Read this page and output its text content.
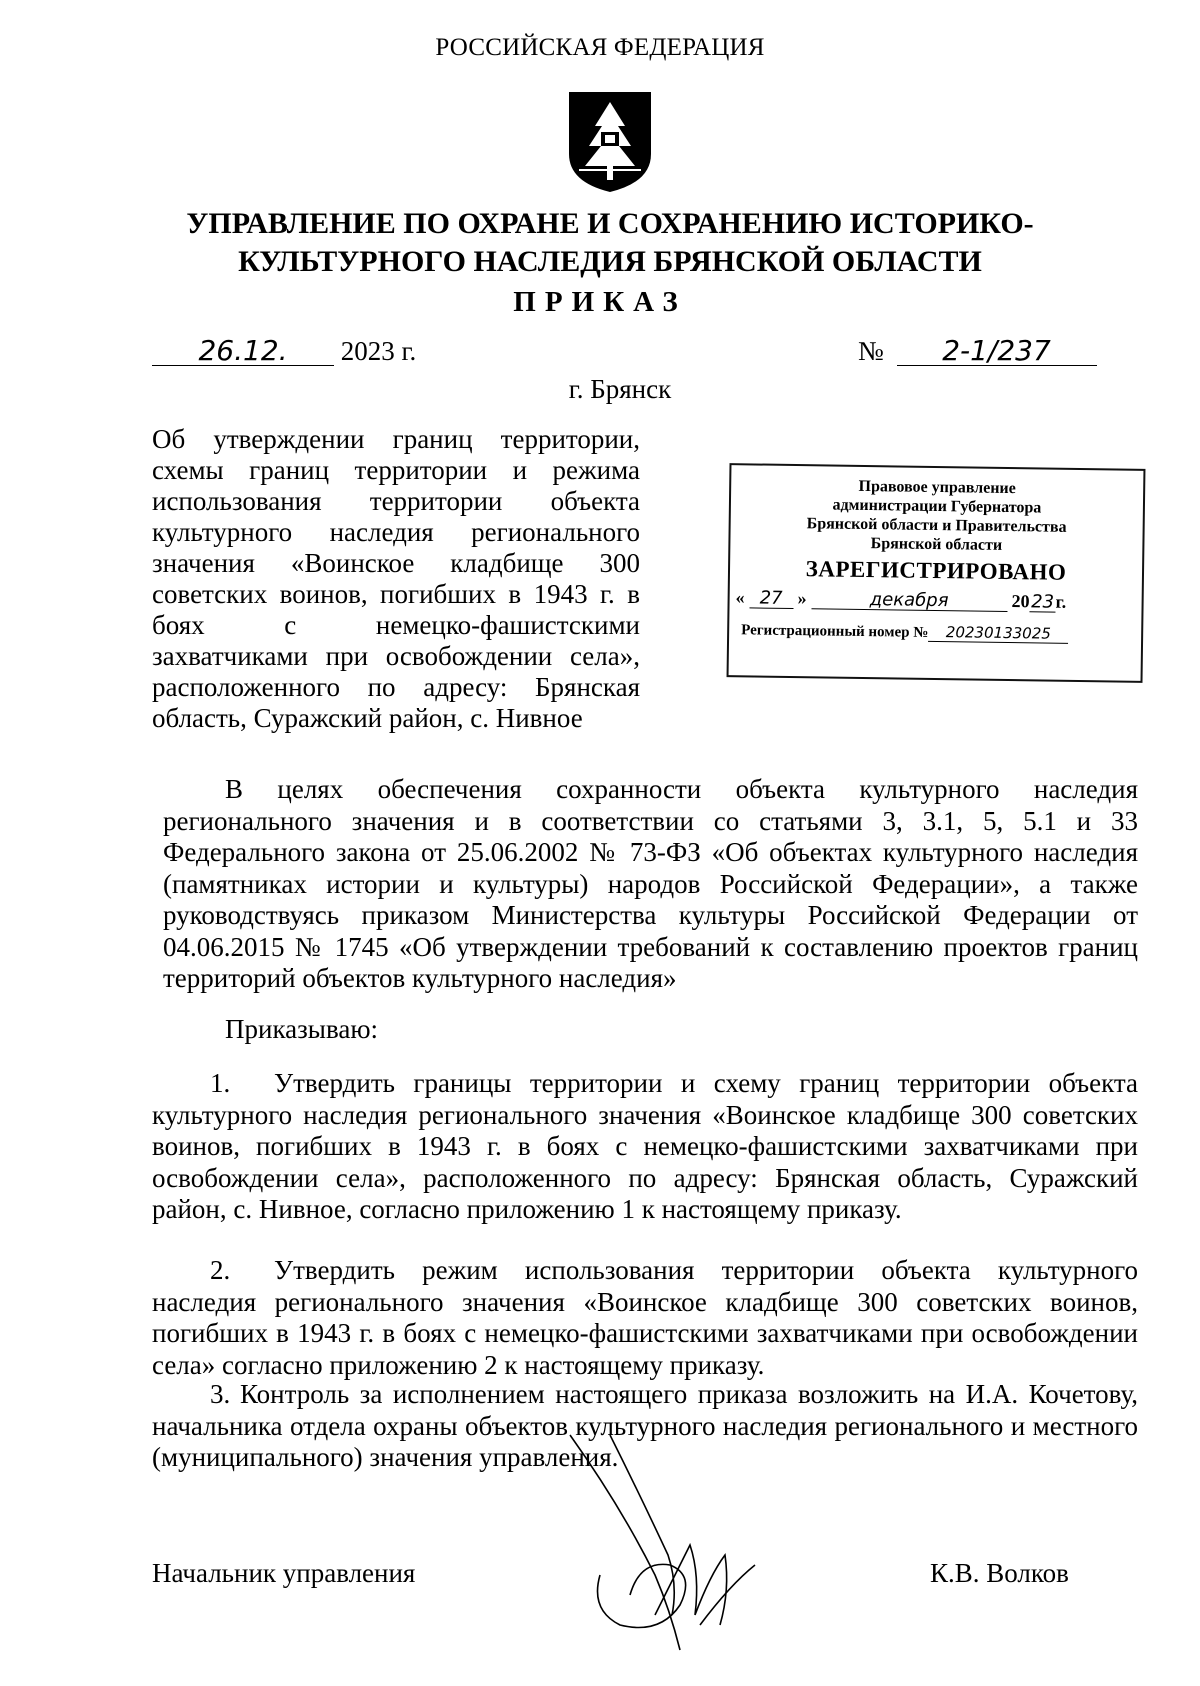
РОССИЙСКАЯ ФЕДЕРАЦИЯ
УПРАВЛЕНИЕ ПО ОХРАНЕ И СОХРАНЕНИЮ ИСТОРИКО-
КУЛЬТУРНОГО НАСЛЕДИЯ БРЯНСКОЙ ОБЛАСТИ
ПРИКАЗ
26.12. 2023 г.	№ 2-1/237
г. Брянск
Об утверждении границ территории, схемы границ территории и режима использования территории объекта культурного наследия регионального значения «Воинское кладбище 300 советских воинов, погибших в 1943 г. в боях с немецко-фашистскими захватчиками при освобождении села», расположенного по адресу: Брянская область, Суражский район, с. Нивное
Правовое управление
администрации Губернатора
Брянской области и Правительства
Брянской области
ЗАРЕГИСТРИРОВАНО
« 27 »	декабря	2023г.
Регистрационный номер № 20230133025
В целях обеспечения сохранности объекта культурного наследия регионального значения и в соответствии со статьями 3, 3.1, 5, 5.1 и 33 Федерального закона от 25.06.2002 № 73-ФЗ «Об объектах культурного наследия (памятниках истории и культуры) народов Российской Федерации», а также руководствуясь приказом Министерства культуры Российской Федерации от 04.06.2015 № 1745 «Об утверждении требований к составлению проектов границ территорий объектов культурного наследия»
Приказываю:
1. Утвердить границы территории и схему границ территории объекта культурного наследия регионального значения «Воинское кладбище 300 советских воинов, погибших в 1943 г. в боях с немецко-фашистскими захватчиками при освобождении села», расположенного по адресу: Брянская область, Суражский район, с. Нивное, согласно приложению 1 к настоящему приказу.
2. Утвердить режим использования территории объекта культурного наследия регионального значения «Воинское кладбище 300 советских воинов, погибших в 1943 г. в боях с немецко-фашистскими захватчиками при освобождении села» согласно приложению 2 к настоящему приказу.
3. Контроль за исполнением настоящего приказа возложить на И.А. Кочетову, начальника отдела охраны объектов культурного наследия регионального и местного (муниципального) значения управления.
Начальник управления	К.В. Волков
